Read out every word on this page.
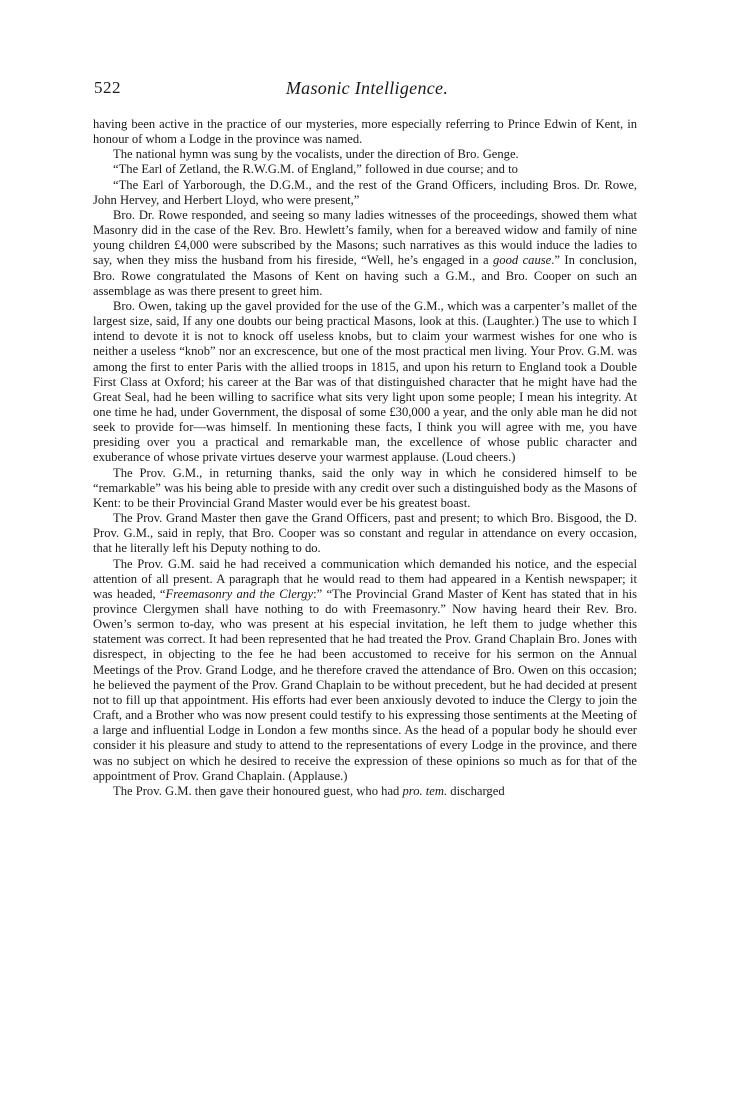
522	Masonic Intelligence.

having been active in the practice of our mysteries, more especially referring to Prince Edwin of Kent, in honour of whom a Lodge in the province was named.

The national hymn was sung by the vocalists, under the direction of Bro. Genge.

“The Earl of Zetland, the R.W.G.M. of England,” followed in due course; and to

“The Earl of Yarborough, the D.G.M., and the rest of the Grand Officers, including Bros. Dr. Rowe, John Hervey, and Herbert Lloyd, who were present,”

Bro. Dr. Rowe responded, and seeing so many ladies witnesses of the proceedings, showed them what Masonry did in the case of the Rev. Bro. Hewlett’s family, when for a bereaved widow and family of nine young children £4,000 were subscribed by the Masons; such narratives as this would induce the ladies to say, when they miss the husband from his fireside, “Well, he’s engaged in a good cause.” In conclusion, Bro. Rowe congratulated the Masons of Kent on having such a G.M., and Bro. Cooper on such an assemblage as was there present to greet him.

Bro. Owen, taking up the gavel provided for the use of the G.M., which was a carpenter’s mallet of the largest size, said, If any one doubts our being practical Masons, look at this. (Laughter.) The use to which I intend to devote it is not to knock off useless knobs, but to claim your warmest wishes for one who is neither a useless “knob” nor an excrescence, but one of the most practical men living. Your Prov. G.M. was among the first to enter Paris with the allied troops in 1815, and upon his return to England took a Double First Class at Oxford; his career at the Bar was of that distinguished character that he might have had the Great Seal, had he been willing to sacrifice what sits very light upon some people; I mean his integrity. At one time he had, under Government, the disposal of some £30,000 a year, and the only able man he did not seek to provide for—was himself. In mentioning these facts, I think you will agree with me, you have presiding over you a practical and remarkable man, the excellence of whose public character and exuberance of whose private virtues deserve your warmest applause. (Loud cheers.)

The Prov. G.M., in returning thanks, said the only way in which he considered himself to be “remarkable” was his being able to preside with any credit over such a distinguished body as the Masons of Kent: to be their Provincial Grand Master would ever be his greatest boast.

The Prov. Grand Master then gave the Grand Officers, past and present; to which Bro. Bisgood, the D. Prov. G.M., said in reply, that Bro. Cooper was so constant and regular in attendance on every occasion, that he literally left his Deputy nothing to do.

The Prov. G.M. said he had received a communication which demanded his notice, and the especial attention of all present. A paragraph that he would read to them had appeared in a Kentish newspaper; it was headed, “Freemasonry and the Clergy:” “The Provincial Grand Master of Kent has stated that in his province Clergymen shall have nothing to do with Freemasonry.” Now having heard their Rev. Bro. Owen’s sermon to-day, who was present at his especial invitation, he left them to judge whether this statement was correct. It had been represented that he had treated the Prov. Grand Chaplain Bro. Jones with disrespect, in objecting to the fee he had been accustomed to receive for his sermon on the Annual Meetings of the Prov. Grand Lodge, and he therefore craved the attendance of Bro. Owen on this occasion; he believed the payment of the Prov. Grand Chaplain to be without precedent, but he had decided at present not to fill up that appointment. His efforts had ever been anxiously devoted to induce the Clergy to join the Craft, and a Brother who was now present could testify to his expressing those sentiments at the Meeting of a large and influential Lodge in London a few months since. As the head of a popular body he should ever consider it his pleasure and study to attend to the representations of every Lodge in the province, and there was no subject on which he desired to receive the expression of these opinions so much as for that of the appointment of Prov. Grand Chaplain. (Applause.)

The Prov. G.M. then gave their honoured guest, who had pro. tem. discharged
